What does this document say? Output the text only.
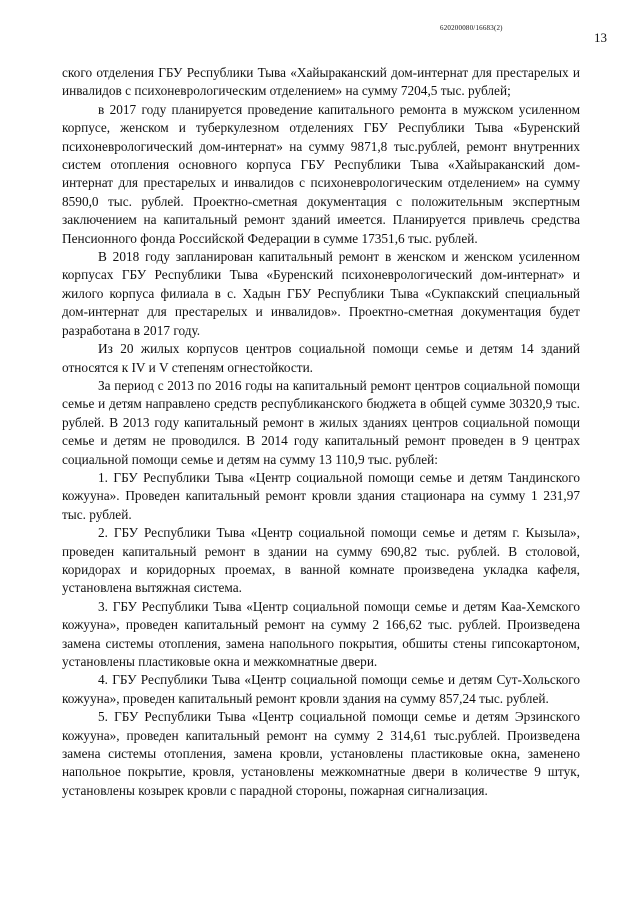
620200080/16683(2)
13

ского отделения ГБУ Республики Тыва «Хайыраканский дом-интернат для престарелых и инвалидов с психоневрологическим отделением» на сумму 7204,5 тыс. рублей;

в 2017 году планируется проведение капитального ремонта в мужском усиленном корпусе, женском и туберкулезном отделениях ГБУ Республики Тыва «Буренский психоневрологический дом-интернат» на сумму 9871,8 тыс.рублей, ремонт внутренних систем отопления основного корпуса ГБУ Республики Тыва «Хайыраканский дом-интернат для престарелых и инвалидов с психоневрологическим отделением» на сумму 8590,0 тыс. рублей. Проектно-сметная документация с положительным экспертным заключением на капитальный ремонт зданий имеется. Планируется привлечь средства Пенсионного фонда Российской Федерации в сумме 17351,6 тыс. рублей.

В 2018 году запланирован капитальный ремонт в женском и женском усиленном корпусах ГБУ Республики Тыва «Буренский психоневрологический дом-интернат» и жилого корпуса филиала в с. Хадын ГБУ Республики Тыва «Сукпакский специальный дом-интернат для престарелых и инвалидов». Проектно-сметная документация будет разработана в 2017 году.

Из 20 жилых корпусов центров социальной помощи семье и детям 14 зданий относятся к IV и V степеням огнестойкости.

За период с 2013 по 2016 годы на капитальный ремонт центров социальной помощи семье и детям направлено средств республиканского бюджета в общей сумме 30320,9 тыс. рублей. В 2013 году капитальный ремонт в жилых зданиях центров социальной помощи семье и детям не проводился. В 2014 году капитальный ремонт проведен в 9 центрах социальной помощи семье и детям на сумму 13 110,9 тыс. рублей:

1. ГБУ Республики Тыва «Центр социальной помощи семье и детям Тандинского кожууна». Проведен капитальный ремонт кровли здания стационара на сумму 1 231,97 тыс. рублей.

2. ГБУ Республики Тыва «Центр социальной помощи семье и детям г. Кызыла», проведен капитальный ремонт в здании на сумму 690,82 тыс. рублей. В столовой, коридорах и коридорных проемах, в ванной комнате произведена укладка кафеля, установлена вытяжная система.

3. ГБУ Республики Тыва «Центр социальной помощи семье и детям Каа-Хемского кожууна», проведен капитальный ремонт на сумму 2 166,62 тыс. рублей. Произведена замена системы отопления, замена напольного покрытия, обшиты стены гипсокартоном, установлены пластиковые окна и межкомнатные двери.

4. ГБУ Республики Тыва «Центр социальной помощи семье и детям Сут-Хольского кожууна», проведен капитальный ремонт кровли здания на сумму 857,24 тыс. рублей.

5. ГБУ Республики Тыва «Центр социальной помощи семье и детям Эрзинского кожууна», проведен капитальный ремонт на сумму 2 314,61 тыс.рублей. Произведена замена системы отопления, замена кровли, установлены пластиковые окна, заменено напольное покрытие, кровля, установлены межкомнатные двери в количестве 9 штук, установлены козырек кровли с парадной стороны, пожарная сигнализация.
